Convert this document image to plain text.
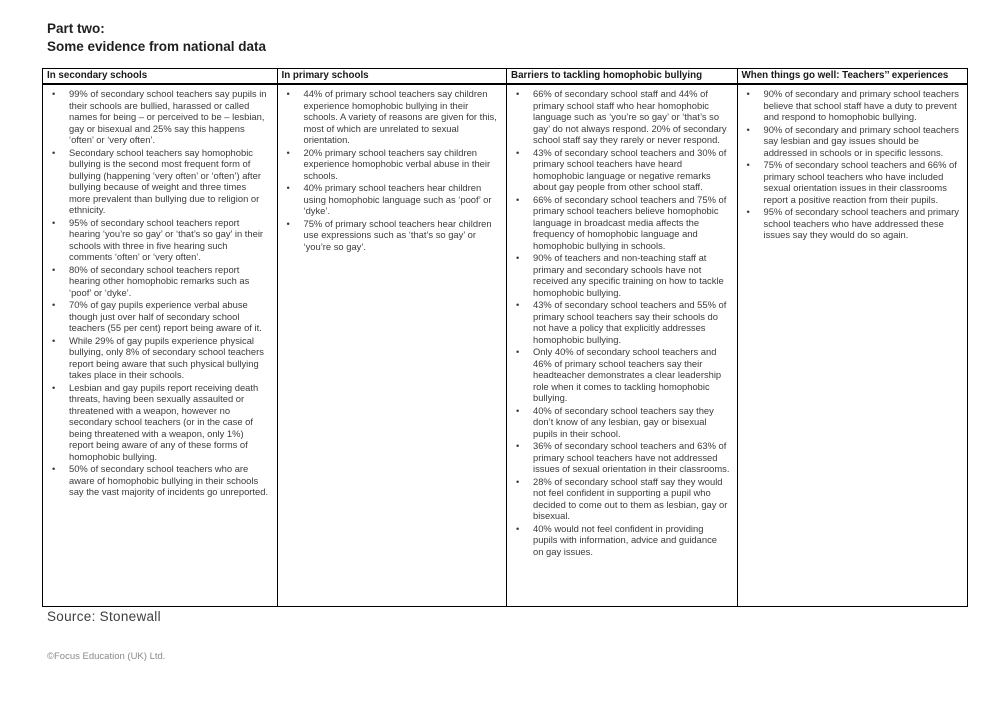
Part two:
Some evidence from national data
In secondary schools
• 99% of secondary school teachers say pupils in their schools are bullied, harassed or called names for being – or perceived to be – lesbian, gay or bisexual and 25% say this happens ‘often’ or ‘very often’.
• Secondary school teachers say homophobic bullying is the second most frequent form of bullying (happening ‘very often’ or ‘often’) after bullying because of weight and three times more prevalent than bullying due to religion or ethnicity.
• 95% of secondary school teachers report hearing ‘you’re so gay’ or ‘that’s so gay’ in their schools with three in five hearing such comments ‘often’ or ‘very often’.
• 80% of secondary school teachers report hearing other homophobic remarks such as ‘poof’ or ‘dyke’.
• 70% of gay pupils experience verbal abuse though just over half of secondary school teachers (55 per cent) report being aware of it.
• While 29% of gay pupils experience physical bullying, only 8% of secondary school teachers report being aware that such physical bullying takes place in their schools.
• Lesbian and gay pupils report receiving death threats, having been sexually assaulted or threatened with a weapon, however no secondary school teachers (or in the case of being threatened with a weapon, only 1%) report being aware of any of these forms of homophobic bullying.
• 50% of secondary school teachers who are aware of homophobic bullying in their schools say the vast majority of incidents go unreported.
In primary schools
• 44% of primary school teachers say children experience homophobic bullying in their schools. A variety of reasons are given for this, most of which are unrelated to sexual orientation.
• 20% primary school teachers say children experience homophobic verbal abuse in their schools.
• 40% primary school teachers hear children using homophobic language such as ‘poof’ or ‘dyke’.
• 75% of primary school teachers hear children use expressions such as ‘that’s so gay’ or ‘you’re so gay’.
Barriers to tackling homophobic bullying
• 66% of secondary school staff and 44% of primary school staff who hear homophobic language such as ‘you’re so gay’ or ‘that’s so gay’ do not always respond. 20% of secondary school staff say they rarely or never respond.
• 43% of secondary school teachers and 30% of primary school teachers have heard homophobic language or negative remarks about gay people from other school staff.
• 66% of secondary school teachers and 75% of primary school teachers believe homophobic language in broadcast media affects the frequency of homophobic language and homophobic bullying in schools.
• 90% of teachers and non-teaching staff at primary and secondary schools have not received any specific training on how to tackle homophobic bullying.
• 43% of secondary school teachers and 55% of primary school teachers say their schools do not have a policy that explicitly addresses homophobic bullying.
• Only 40% of secondary school teachers and 46% of primary school teachers say their headteacher demonstrates a clear leadership role when it comes to tackling homophobic bullying.
• 40% of secondary school teachers say they don’t know of any lesbian, gay or bisexual pupils in their school.
• 36% of secondary school teachers and 63% of primary school teachers have not addressed issues of sexual orientation in their classrooms.
• 28% of secondary school staff say they would not feel confident in supporting a pupil who decided to come out to them as lesbian, gay or bisexual.
• 40% would not feel confident in providing pupils with information, advice and guidance on gay issues.
When things go well: Teachers’’ experiences
• 90% of secondary and primary school teachers believe that school staff have a duty to prevent and respond to homophobic bullying.
• 90% of secondary and primary school teachers say lesbian and gay issues should be addressed in schools or in specific lessons.
• 75% of secondary school teachers and 66% of primary school teachers who have included sexual orientation issues in their classrooms report a positive reaction from their pupils.
• 95% of secondary school teachers and primary school teachers who have addressed these issues say they would do so again.
Source: Stonewall
©Focus Education (UK) Ltd.
